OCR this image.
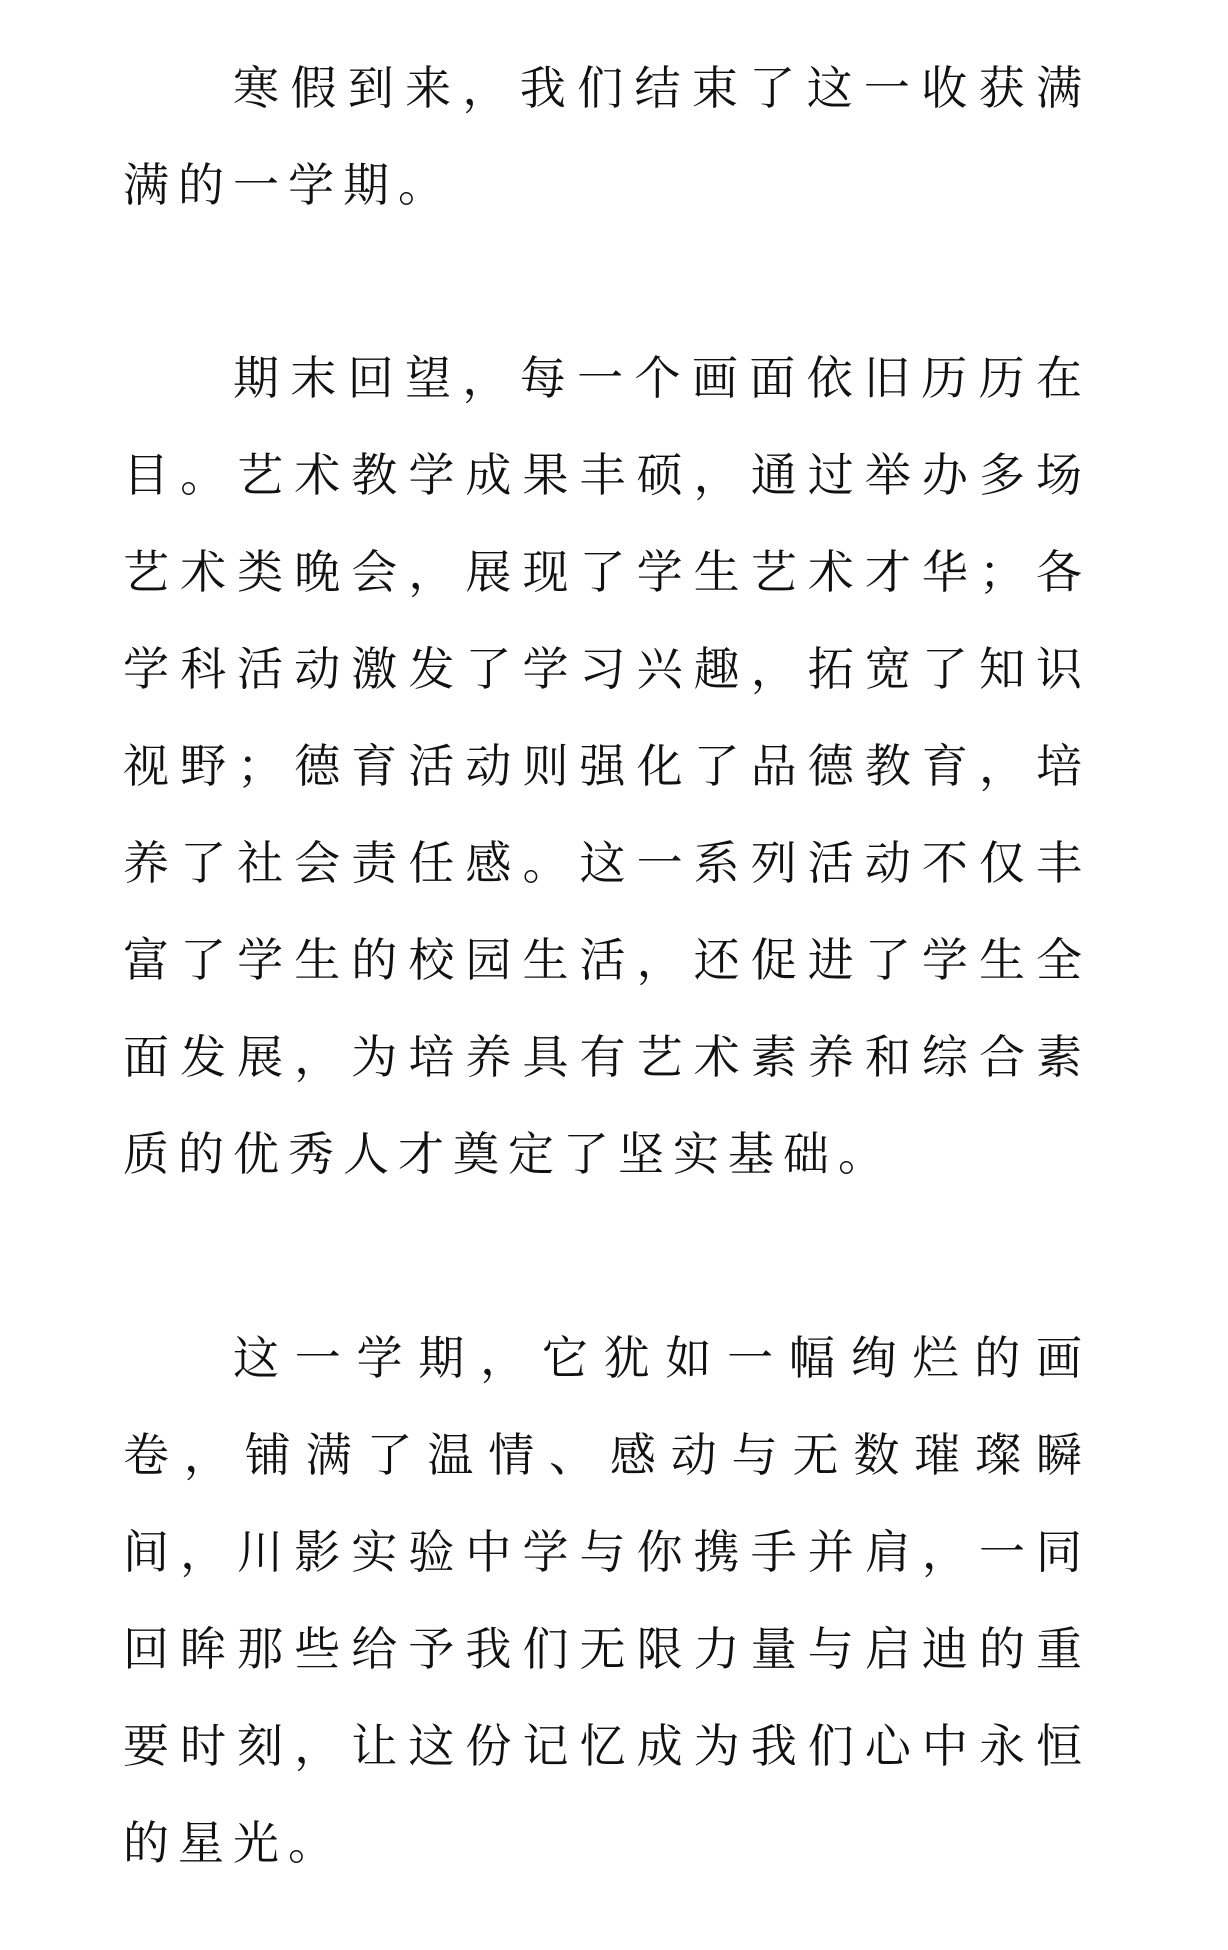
寒假到来，我们结束了这一收获满满的一学期。

期末回望，每一个画面依旧历历在目。艺术教学成果丰硕，通过举办多场艺术类晚会，展现了学生艺术才华；各学科活动激发了学习兴趣，拓宽了知识视野；德育活动则强化了品德教育，培养了社会责任感。这一系列活动不仅丰富了学生的校园生活，还促进了学生全面发展，为培养具有艺术素养和综合素质的优秀人才奠定了坚实基础。

这一学期，它犹如一幅绚烂的画卷，铺满了温情、感动与无数璀璨瞬间，川影实验中学与你携手并肩，一同回眸那些给予我们无限力量与启迪的重要时刻，让这份记忆成为我们心中永恒的星光。
